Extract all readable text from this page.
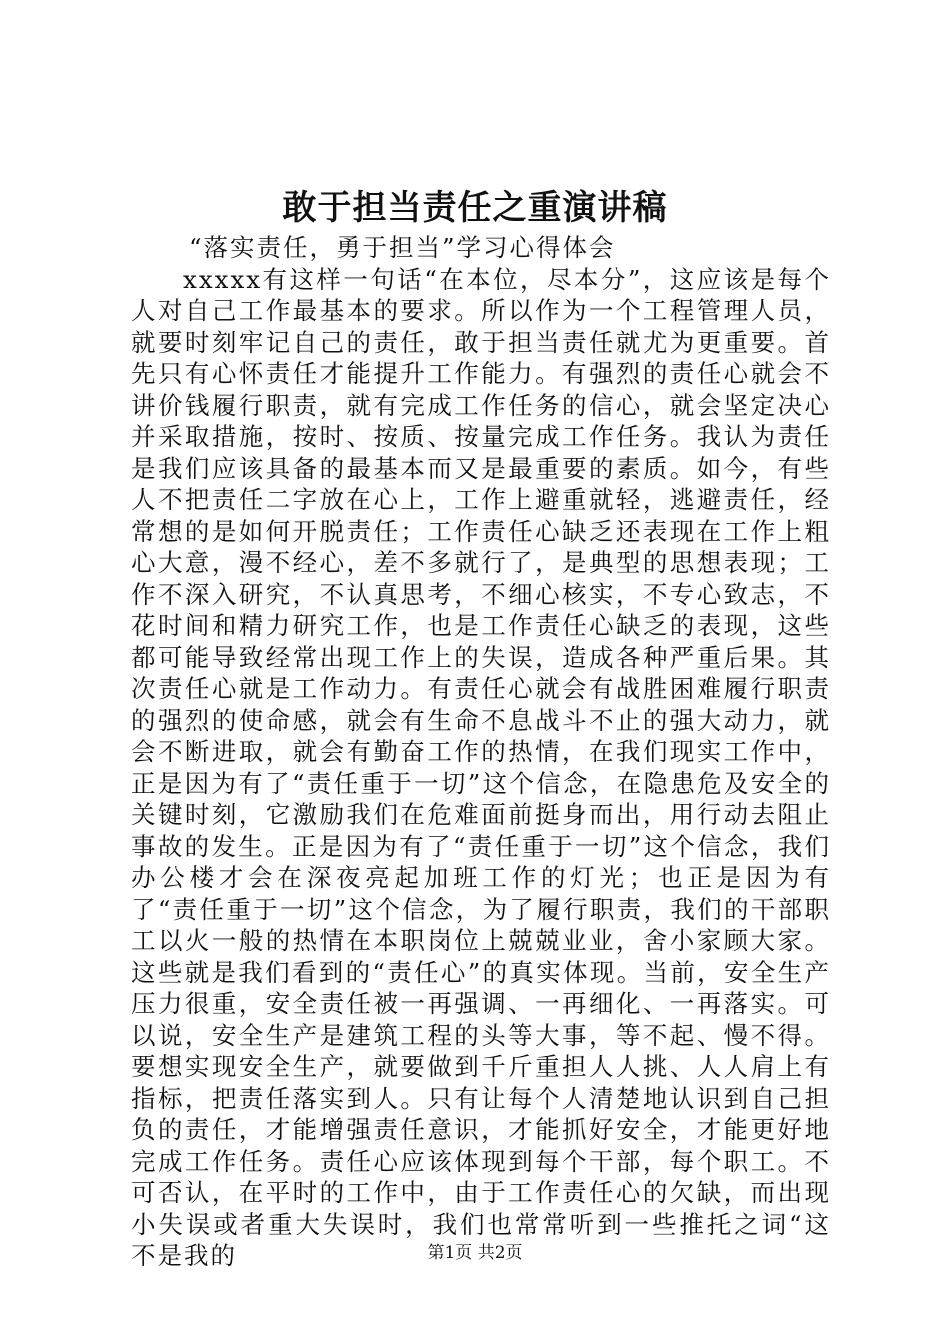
敢于担当责任之重演讲稿

“落实责任，勇于担当”学习心得体会

xxxxx有这样一句话“在本位，尽本分”，这应该是每个人对自己工作最基本的要求。所以作为一个工程管理人员，就要时刻牢记自己的责任，敢于担当责任就尤为更重要。首先只有心怀责任才能提升工作能力。有强烈的责任心就会不讲价钱履行职责，就有完成工作任务的信心，就会坚定决心并采取措施，按时、按质、按量完成工作任务。我认为责任是我们应该具备的最基本而又是最重要的素质。如今，有些人不把责任二字放在心上，工作上避重就轻，逃避责任，经常想的是如何开脱责任；工作责任心缺乏还表现在工作上粗心大意，漫不经心，差不多就行了，是典型的思想表现；工作不深入研究，不认真思考，不细心核实，不专心致志，不花时间和精力研究工作，也是工作责任心缺乏的表现，这些都可能导致经常出现工作上的失误，造成各种严重后果。其次责任心就是工作动力。有责任心就会有战胜困难履行职责的强烈的使命感，就会有生命不息战斗不止的强大动力，就会不断进取，就会有勤奋工作的热情，在我们现实工作中，正是因为有了“责任重于一切”这个信念，在隐患危及安全的关键时刻，它激励我们在危难面前挺身而出，用行动去阻止事故的发生。正是因为有了“责任重于一切”这个信念，我们办公楼才会在深夜亮起加班工作的灯光；也正是因为有了“责任重于一切”这个信念，为了履行职责，我们的干部职工以火一般的热情在本职岗位上兢兢业业，舍小家顾大家。这些就是我们看到的“责任心”的真实体现。当前，安全生产压力很重，安全责任被一再强调、一再细化、一再落实。可以说，安全生产是建筑工程的头等大事，等不起、慢不得。要想实现安全生产，就要做到千斤重担人人挑、人人肩上有指标，把责任落实到人。只有让每个人清楚地认识到自己担负的责任，才能增强责任意识，才能抓好安全，才能更好地完成工作任务。责任心应该体现到每个干部，每个职工。不可否认，在平时的工作中，由于工作责任心的欠缺，而出现小失误或者重大失误时，我们也常常听到一些推托之词“这不是我的	第1页 共2页
